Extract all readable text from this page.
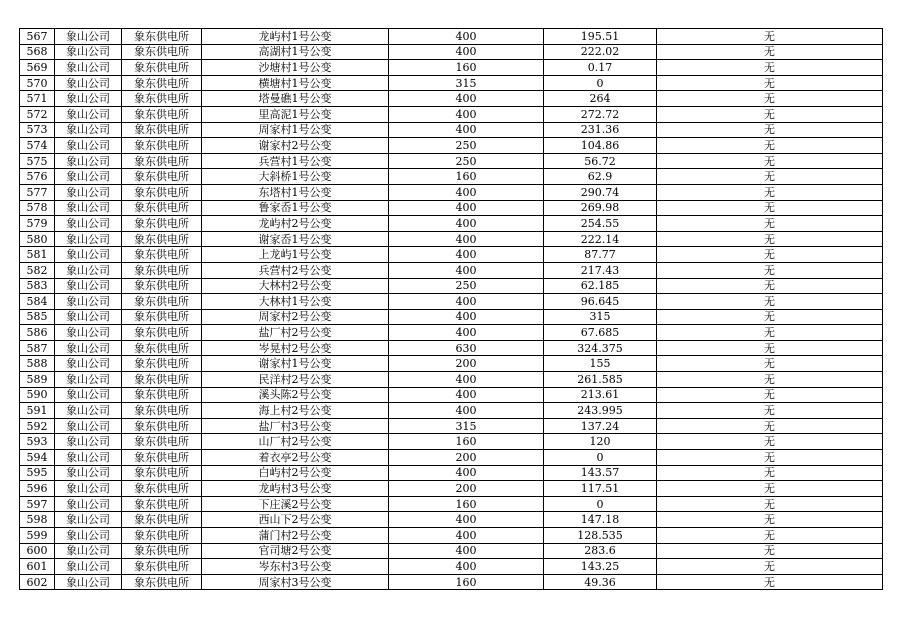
567	象山公司	象东供电所	龙屿村1号公变	400	195.51	无
568	象山公司	象东供电所	高湖村1号公变	400	222.02	无
569	象山公司	象东供电所	沙塘村1号公变	160	0.17	无
570	象山公司	象东供电所	横塘村1号公变	315	0	无
571	象山公司	象东供电所	塔曼礁1号公变	400	264	无
572	象山公司	象东供电所	里高泥1号公变	400	272.72	无
573	象山公司	象东供电所	周家村1号公变	400	231.36	无
574	象山公司	象东供电所	谢家村2号公变	250	104.86	无
575	象山公司	象东供电所	兵营村1号公变	250	56.72	无
576	象山公司	象东供电所	大斜桥1号公变	160	62.9	无
577	象山公司	象东供电所	东塔村1号公变	400	290.74	无
578	象山公司	象东供电所	鲁家岙1号公变	400	269.98	无
579	象山公司	象东供电所	龙屿村2号公变	400	254.55	无
580	象山公司	象东供电所	谢家岙1号公变	400	222.14	无
581	象山公司	象东供电所	上龙屿1号公变	400	87.77	无
582	象山公司	象东供电所	兵营村2号公变	400	217.43	无
583	象山公司	象东供电所	大林村2号公变	250	62.185	无
584	象山公司	象东供电所	大林村1号公变	400	96.645	无
585	象山公司	象东供电所	周家村2号公变	400	315	无
586	象山公司	象东供电所	盐厂村2号公变	400	67.685	无
587	象山公司	象东供电所	岑晃村2号公变	630	324.375	无
588	象山公司	象东供电所	谢家村1号公变	200	155	无
589	象山公司	象东供电所	民洋村2号公变	400	261.585	无
590	象山公司	象东供电所	溪头陈2号公变	400	213.61	无
591	象山公司	象东供电所	海上村2号公变	400	243.995	无
592	象山公司	象东供电所	盐厂村3号公变	315	137.24	无
593	象山公司	象东供电所	山厂村2号公变	160	120	无
594	象山公司	象东供电所	着衣亭2号公变	200	0	无
595	象山公司	象东供电所	白屿村2号公变	400	143.57	无
596	象山公司	象东供电所	龙屿村3号公变	200	117.51	无
597	象山公司	象东供电所	下庄溪2号公变	160	0	无
598	象山公司	象东供电所	西山下2号公变	400	147.18	无
599	象山公司	象东供电所	蒲门村2号公变	400	128.535	无
600	象山公司	象东供电所	官司塘2号公变	400	283.6	无
601	象山公司	象东供电所	岑东村3号公变	400	143.25	无
602	象山公司	象东供电所	周家村3号公变	160	49.36	无
